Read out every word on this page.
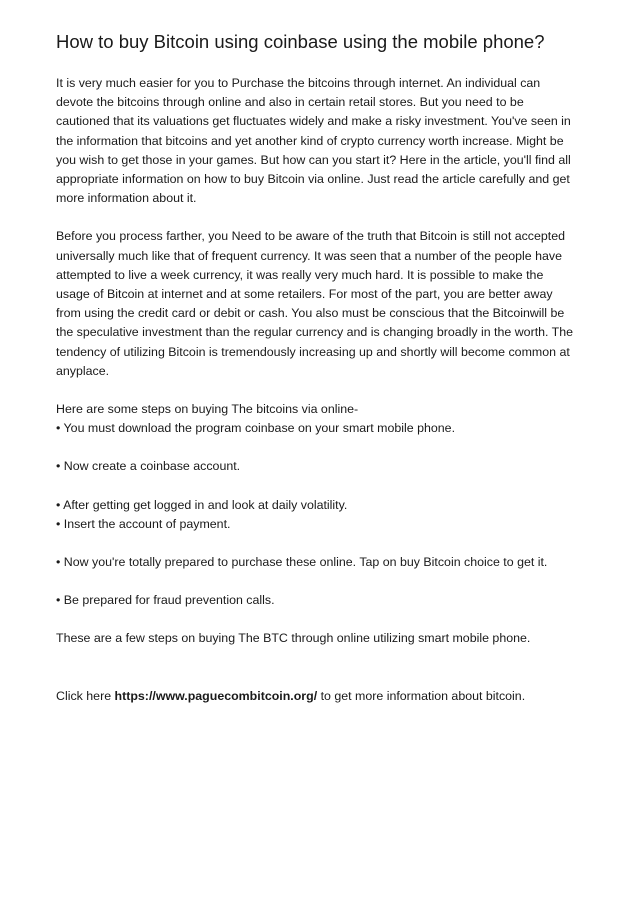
How to buy Bitcoin using coinbase using the mobile phone?

It is very much easier for you to Purchase the bitcoins through internet. An individual can devote the bitcoins through online and also in certain retail stores. But you need to be cautioned that its valuations get fluctuates widely and make a risky investment. You've seen in the information that bitcoins and yet another kind of crypto currency worth increase. Might be you wish to get those in your games. But how can you start it? Here in the article, you'll find all appropriate information on how to buy Bitcoin via online. Just read the article carefully and get more information about it.

Before you process farther, you Need to be aware of the truth that Bitcoin is still not accepted universally much like that of frequent currency. It was seen that a number of the people have attempted to live a week currency, it was really very much hard. It is possible to make the usage of Bitcoin at internet and at some retailers. For most of the part, you are better away from using the credit card or debit or cash. You also must be conscious that the Bitcoinwill be the speculative investment than the regular currency and is changing broadly in the worth. The tendency of utilizing Bitcoin is tremendously increasing up and shortly will become common at anyplace.

Here are some steps on buying The bitcoins via online-

• You must download the program coinbase on your smart mobile phone.

• Now create a coinbase account.

• After getting get logged in and look at daily volatility.

• Insert the account of payment.

• Now you're totally prepared to purchase these online. Tap on buy Bitcoin choice to get it.

• Be prepared for fraud prevention calls.

These are a few steps on buying The BTC through online utilizing smart mobile phone.

Click here https://www.paguecombitcoin.org/ to get more information about bitcoin.
